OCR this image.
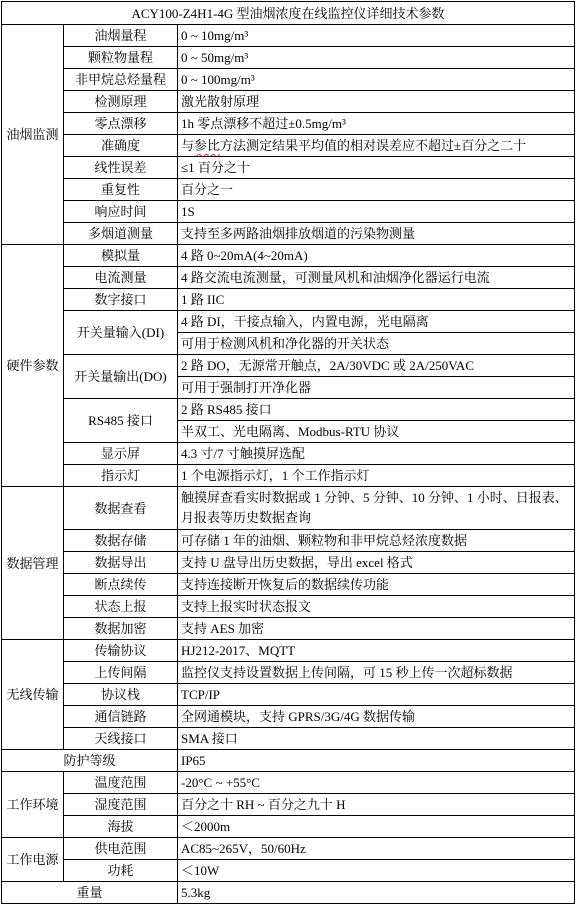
ACY100-Z4H1-4G 型油烟浓度在线监控仪详细技术参数		
油烟监测	油烟量程	0 ~ 10mg/m³
	颗粒物量程	0 ~ 50mg/m³
	非甲烷总烃量程	0 ~ 100mg/m³
	检测原理	激光散射原理
	零点漂移	1h 零点漂移不超过±0.5mg/m³
	准确度	与参比方法测定结果平均值的相对误差应不超过±百分之二十
	线性误差	≤1 百分之十
	重复性	百分之一
	响应时间	1S
	多烟道测量	支持至多两路油烟排放烟道的污染物测量
硬件参数	模拟量	4 路 0~20mA(4~20mA)
	电流测量	4 路交流电流测量，可测量风机和油烟净化器运行电流
	数字接口	1 路 IIC
	开关量输入(DI)	4 路 DI，干接点输入，内置电源，光电隔离
		可用于检测风机和净化器的开关状态
	开关量输出(DO)	2 路 DO，无源常开触点，2A/30VDC 或 2A/250VAC
		可用于强制打开净化器
	RS485 接口	2 路 RS485 接口
		半双工、光电隔离、Modbus-RTU 协议
	显示屏	4.3 寸/7 寸触摸屏选配
	指示灯	1 个电源指示灯，1 个工作指示灯
数据管理	数据查看	触摸屏查看实时数据或 1 分钟、5 分钟、10 分钟、1 小时、日报表、月报表等历史数据查询
	数据存储	可存储 1 年的油烟、颗粒物和非甲烷总烃浓度数据
	数据导出	支持 U 盘导出历史数据，导出 excel 格式
	断点续传	支持连接断开恢复后的数据续传功能
	状态上报	支持上报实时状态报文
	数据加密	支持 AES 加密
无线传输	传输协议	HJ212-2017、MQTT
	上传间隔	监控仪支持设置数据上传间隔，可 15 秒上传一次超标数据
	协议栈	TCP/IP
	通信链路	全网通模块，支持 GPRS/3G/4G 数据传输
	天线接口	SMA 接口
防护等级		IP65
工作环境	温度范围	-20°C ~ +55°C
	湿度范围	百分之十 RH ~ 百分之九十 H
	海拔	＜2000m
工作电源	供电范围	AC85~265V，50/60Hz
	功耗	＜10W
重量		5.3kg
